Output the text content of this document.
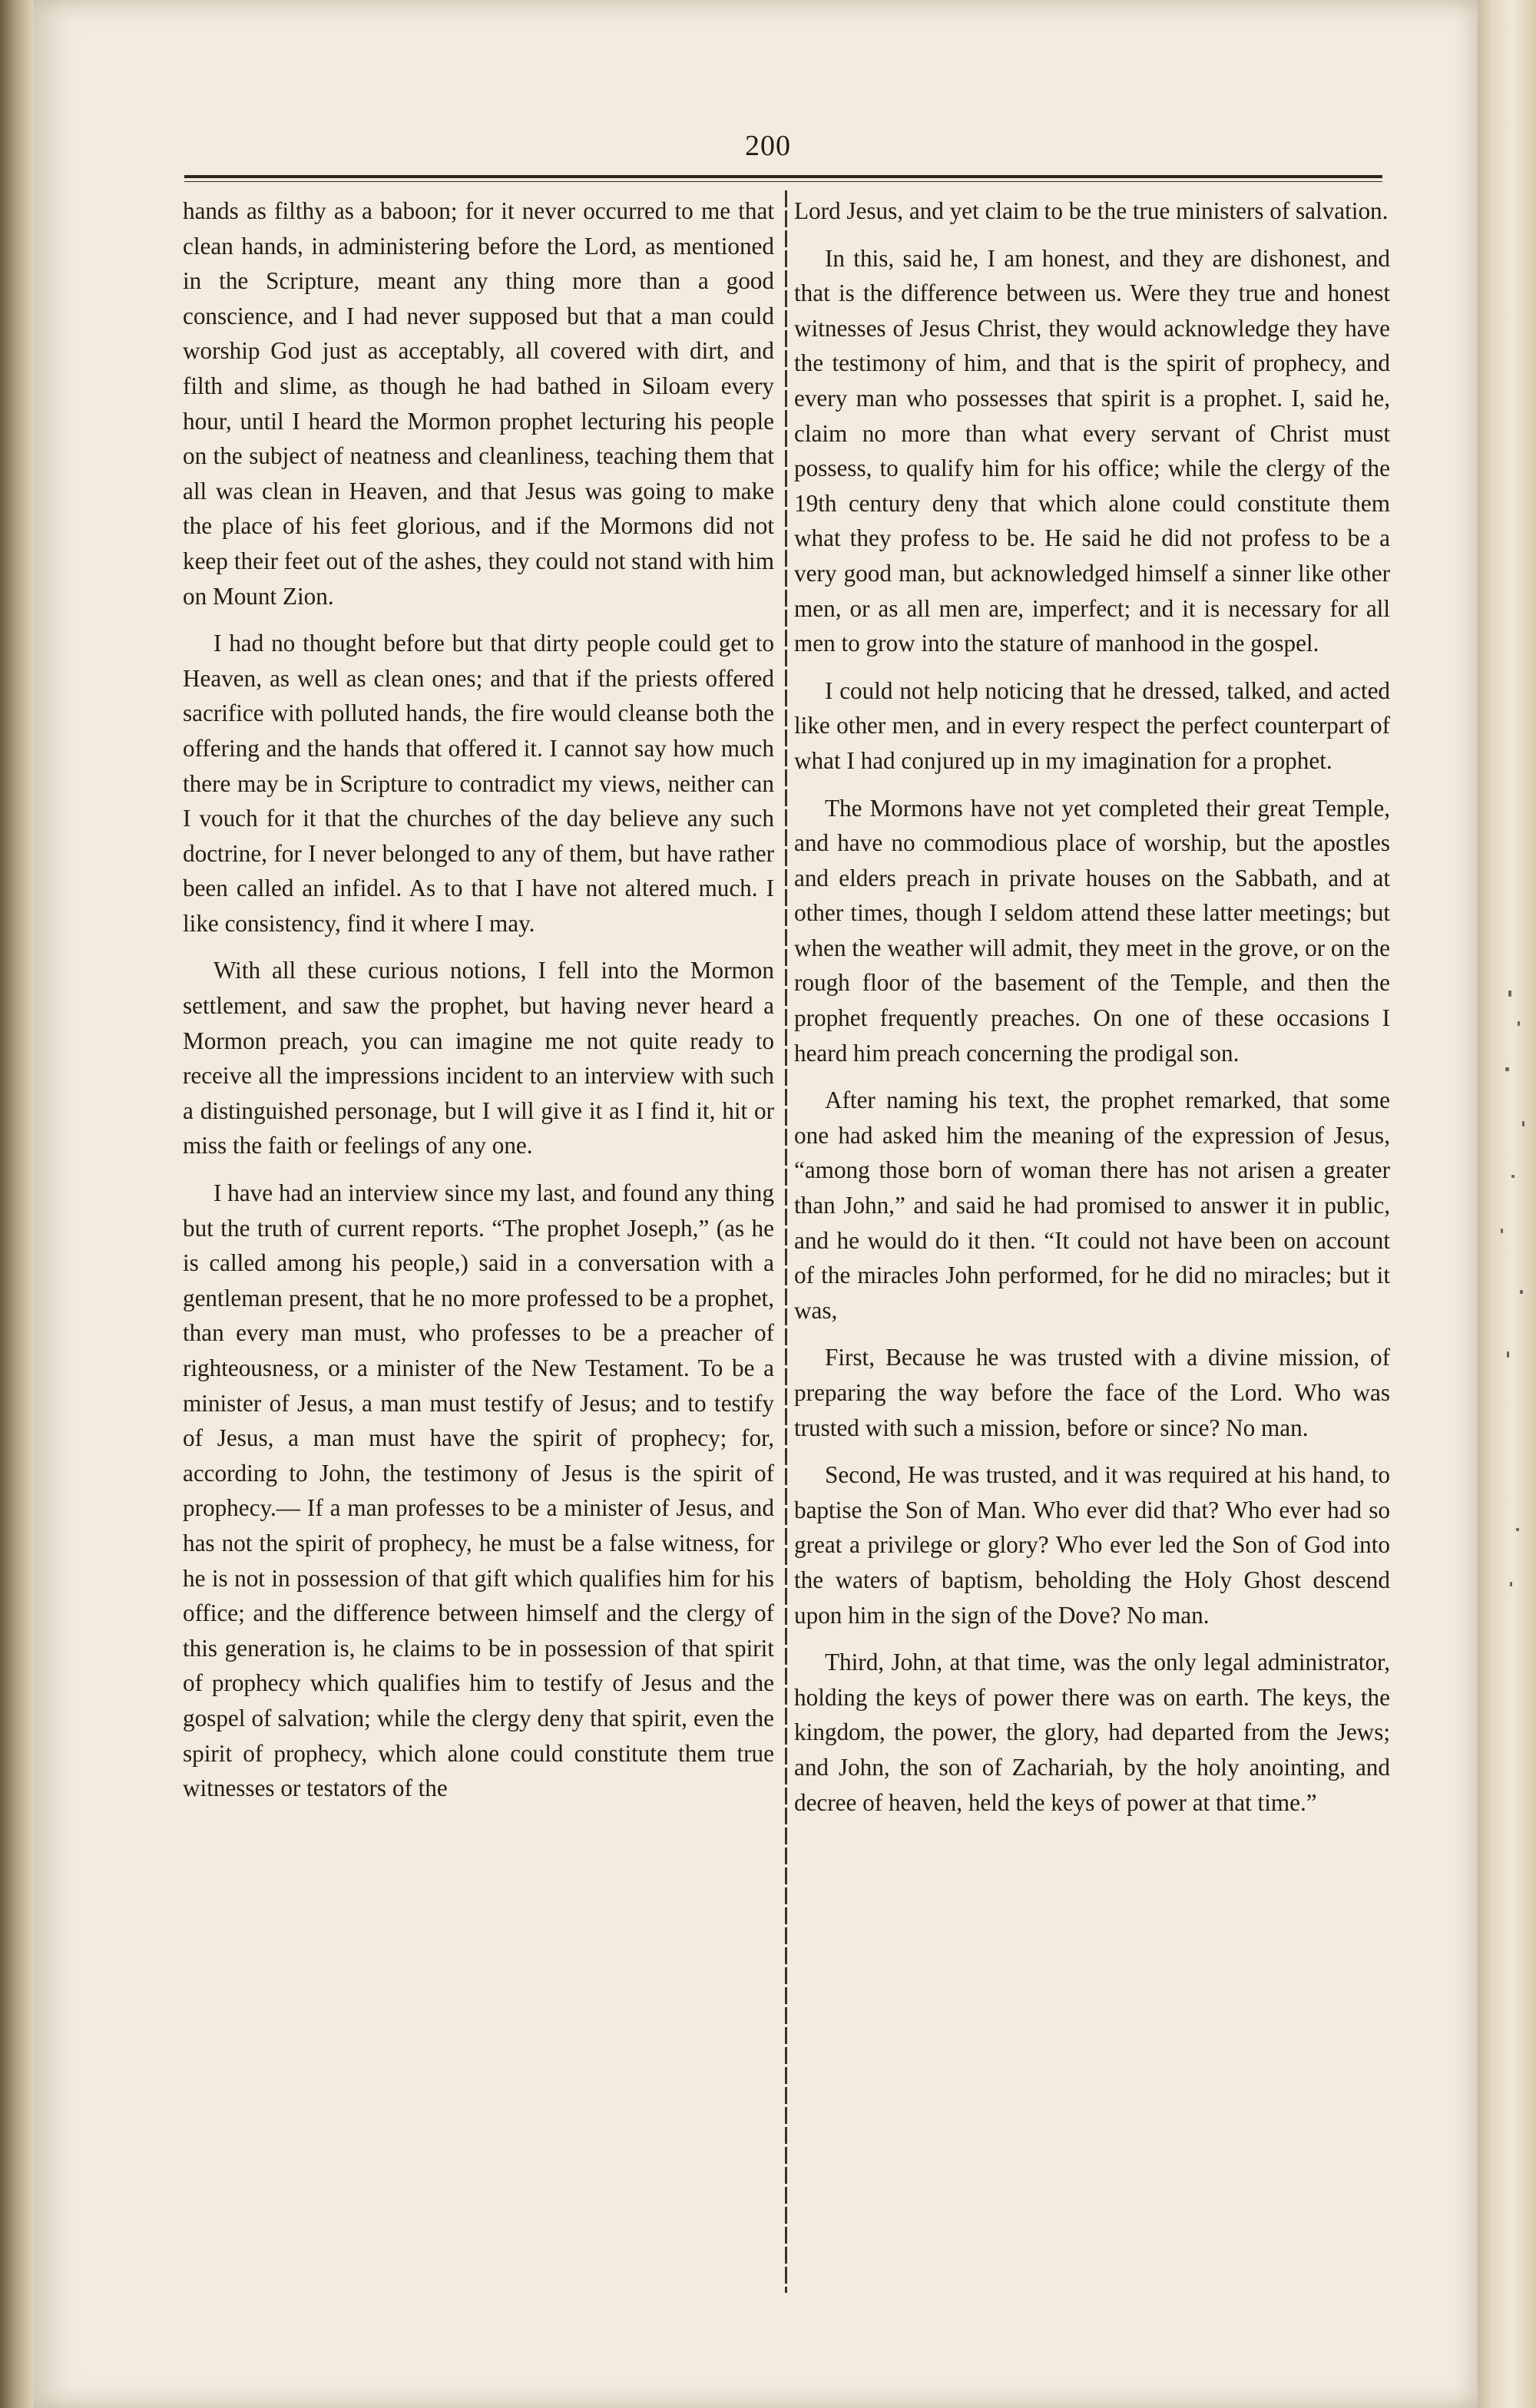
200

hands as filthy as a baboon; for it never occurred to me that clean hands, in administering before the Lord, as mentioned in the Scripture, meant any thing more than a good conscience, and I had never supposed but that a man could worship God just as acceptably, all covered with dirt, and filth and slime, as though he had bathed in Siloam every hour, until I heard the Mormon prophet lecturing his people on the subject of neatness and cleanliness, teaching them that all was clean in Heaven, and that Jesus was going to make the place of his feet glorious, and if the Mormons did not keep their feet out of the ashes, they could not stand with him on Mount Zion.

I had no thought before but that dirty people could get to Heaven, as well as clean ones; and that if the priests offered sacrifice with polluted hands, the fire would cleanse both the offering and the hands that offered it. I cannot say how much there may be in Scripture to contradict my views, neither can I vouch for it that the churches of the day believe any such doctrine, for I never belonged to any of them, but have rather been called an infidel. As to that I have not altered much. I like consistency, find it where I may.

With all these curious notions, I fell into the Mormon settlement, and saw the prophet, but having never heard a Mormon preach, you can imagine me not quite ready to receive all the impressions incident to an interview with such a distinguished personage, but I will give it as I find it, hit or miss the faith or feelings of any one.

I have had an interview since my last, and found any thing but the truth of current reports. “The prophet Joseph,” (as he is called among his people,) said in a conversation with a gentleman present, that he no more professed to be a prophet, than every man must, who professes to be a preacher of righteousness, or a minister of the New Testament. To be a minister of Jesus, a man must testify of Jesus; and to testify of Jesus, a man must have the spirit of prophecy; for, according to John, the testimony of Jesus is the spirit of prophecy.— If a man professes to be a minister of Jesus, and has not the spirit of prophecy, he must be a false witness, for he is not in possession of that gift which qualifies him for his office; and the difference between himself and the clergy of this generation is, he claims to be in possession of that spirit of prophecy which qualifies him to testify of Jesus and the gospel of salvation; while the clergy deny that spirit, even the spirit of prophecy, which alone could constitute them true witnesses or testators of the

Lord Jesus, and yet claim to be the true ministers of salvation.

In this, said he, I am honest, and they are dishonest, and that is the difference between us. Were they true and honest witnesses of Jesus Christ, they would acknowledge they have the testimony of him, and that is the spirit of prophecy, and every man who possesses that spirit is a prophet. I, said he, claim no more than what every servant of Christ must possess, to qualify him for his office; while the clergy of the 19th century deny that which alone could constitute them what they profess to be. He said he did not profess to be a very good man, but acknowledged himself a sinner like other men, or as all men are, imperfect; and it is necessary for all men to grow into the stature of manhood in the gospel.

I could not help noticing that he dressed, talked, and acted like other men, and in every respect the perfect counterpart of what I had conjured up in my imagination for a prophet.

The Mormons have not yet completed their great Temple, and have no commodious place of worship, but the apostles and elders preach in private houses on the Sabbath, and at other times, though I seldom attend these latter meetings; but when the weather will admit, they meet in the grove, or on the rough floor of the basement of the Temple, and then the prophet frequently preaches. On one of these occasions I heard him preach concerning the prodigal son.

After naming his text, the prophet remarked, that some one had asked him the meaning of the expression of Jesus, “among those born of woman there has not arisen a greater than John,” and said he had promised to answer it in public, and he would do it then. “It could not have been on account of the miracles John performed, for he did no miracles; but it was,

First, Because he was trusted with a divine mission, of preparing the way before the face of the Lord. Who was trusted with such a mission, before or since? No man.

Second, He was trusted, and it was required at his hand, to baptise the Son of Man. Who ever did that? Who ever had so great a privilege or glory? Who ever led the Son of God into the waters of baptism, beholding the Holy Ghost descend upon him in the sign of the Dove? No man.

Third, John, at that time, was the only legal administrator, holding the keys of power there was on earth. The keys, the kingdom, the power, the glory, had departed from the Jews; and John, the son of Zachariah, by the holy anointing, and decree of heaven, held the keys of power at that time.”
